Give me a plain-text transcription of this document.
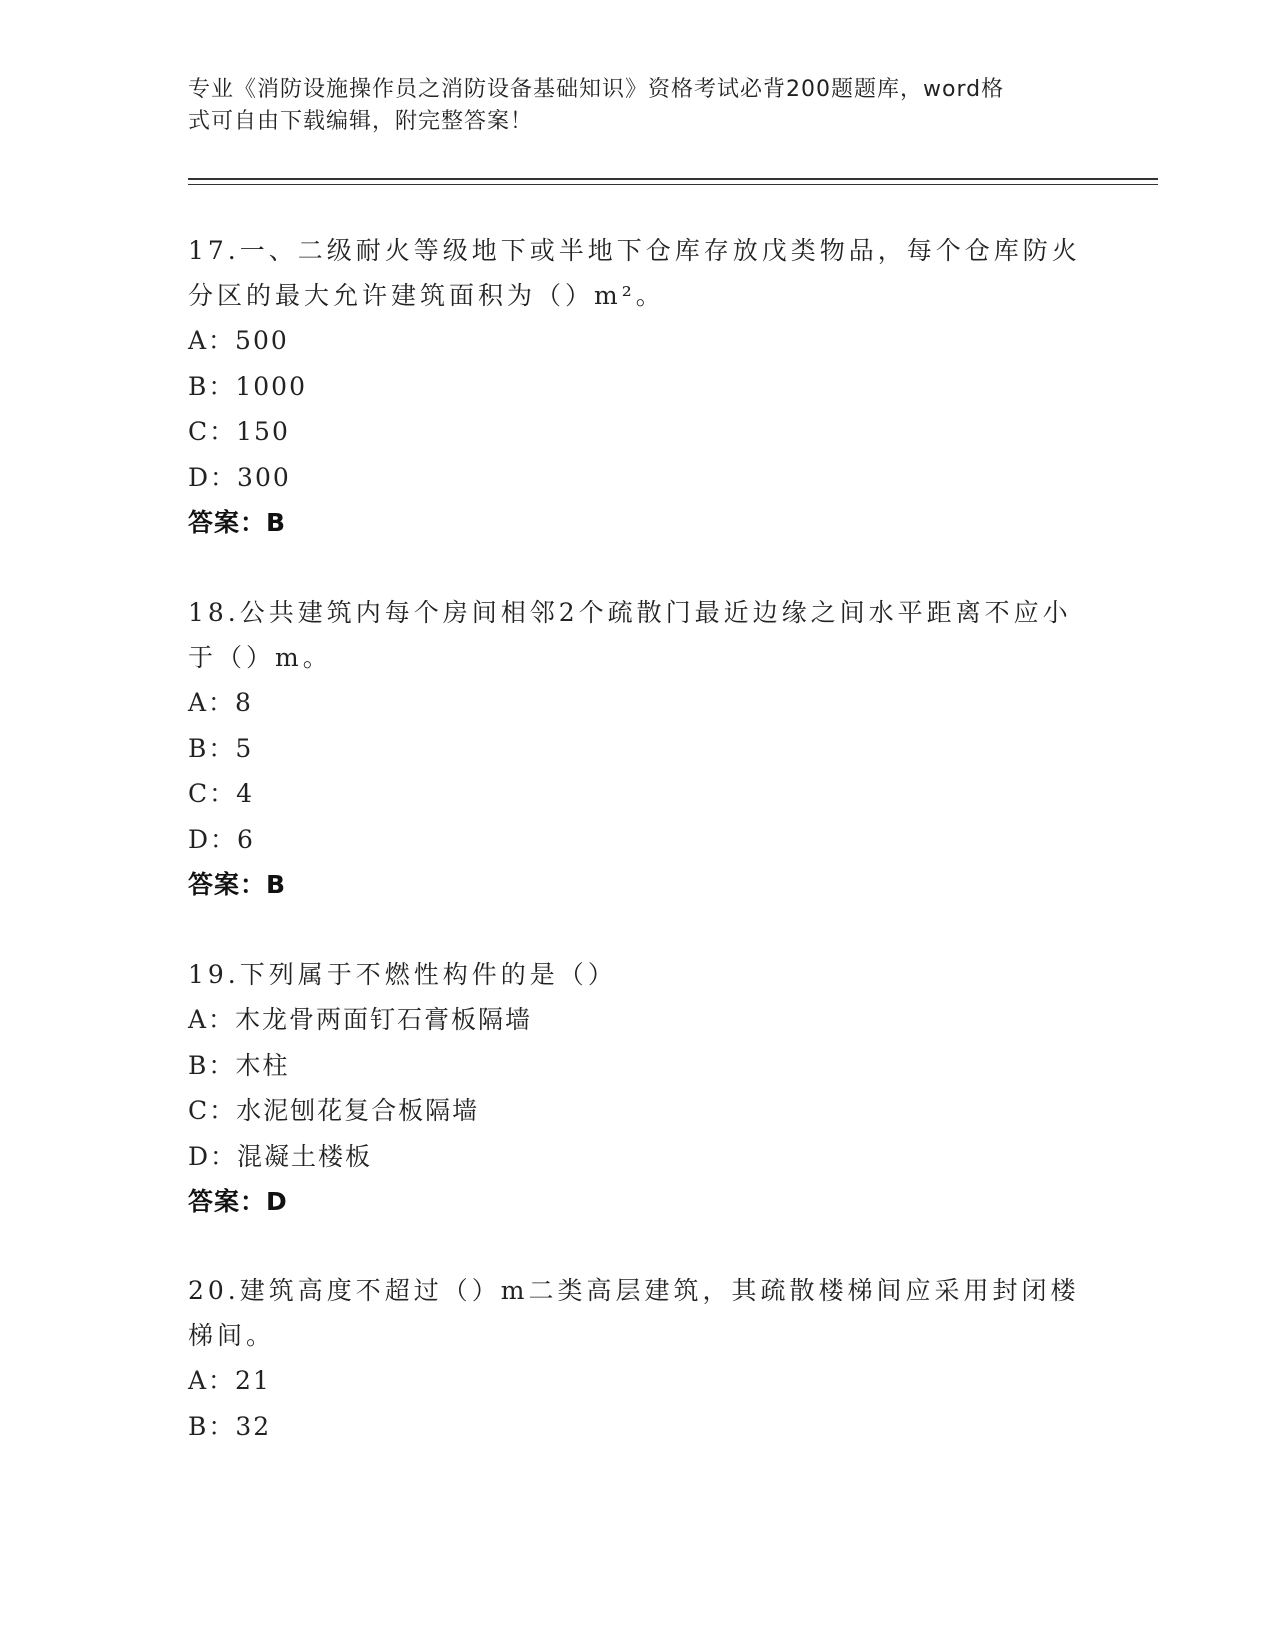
专业《消防设施操作员之消防设备基础知识》资格考试必背200题题库，word格
式可自由下载编辑，附完整答案！

17.一、二级耐火等级地下或半地下仓库存放戊类物品，每个仓库防火

分区的最大允许建筑面积为（）m²。

A：500
B：1000
C：150
D：300
答案：B

18.公共建筑内每个房间相邻2个疏散门最近边缘之间水平距离不应小

于（）m。

A：8
B：5
C：4
D：6
答案：B

19.下列属于不燃性构件的是（）

A：木龙骨两面钉石膏板隔墙
B：木柱
C：水泥刨花复合板隔墙
D：混凝土楼板
答案：D

20.建筑高度不超过（）m二类高层建筑，其疏散楼梯间应采用封闭楼

梯间。

A：21
B：32
